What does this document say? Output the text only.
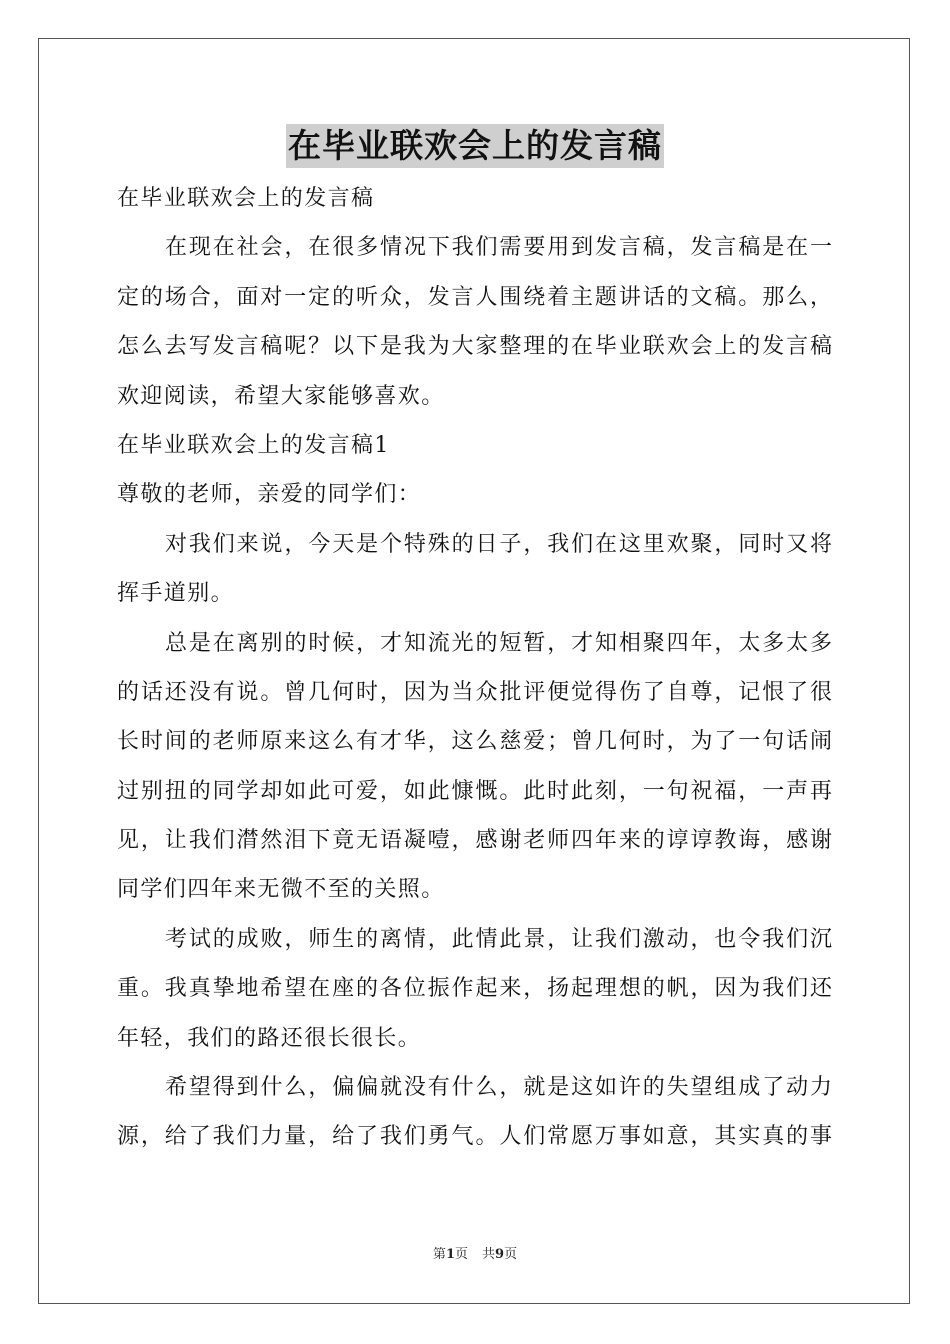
在毕业联欢会上的发言稿
在毕业联欢会上的发言稿
在现在社会，在很多情况下我们需要用到发言稿，发言稿是在一
定的场合，面对一定的听众，发言人围绕着主题讲话的文稿。那么，
怎么去写发言稿呢？以下是我为大家整理的在毕业联欢会上的发言稿
欢迎阅读，希望大家能够喜欢。
在毕业联欢会上的发言稿1
尊敬的老师，亲爱的同学们：
对我们来说，今天是个特殊的日子，我们在这里欢聚，同时又将
挥手道别。
总是在离别的时候，才知流光的短暂，才知相聚四年，太多太多
的话还没有说。曾几何时，因为当众批评便觉得伤了自尊，记恨了很
长时间的老师原来这么有才华，这么慈爱；曾几何时，为了一句话闹
过别扭的同学却如此可爱，如此慷慨。此时此刻，一句祝福，一声再
见，让我们潸然泪下竟无语凝噎，感谢老师四年来的谆谆教诲，感谢
同学们四年来无微不至的关照。
考试的成败，师生的离情，此情此景，让我们激动，也令我们沉
重。我真挚地希望在座的各位振作起来，扬起理想的帆，因为我们还
年轻，我们的路还很长很长。
希望得到什么，偏偏就没有什么，就是这如许的失望组成了动力
源，给了我们力量，给了我们勇气。人们常愿万事如意，其实真的事
第1页 共9页
